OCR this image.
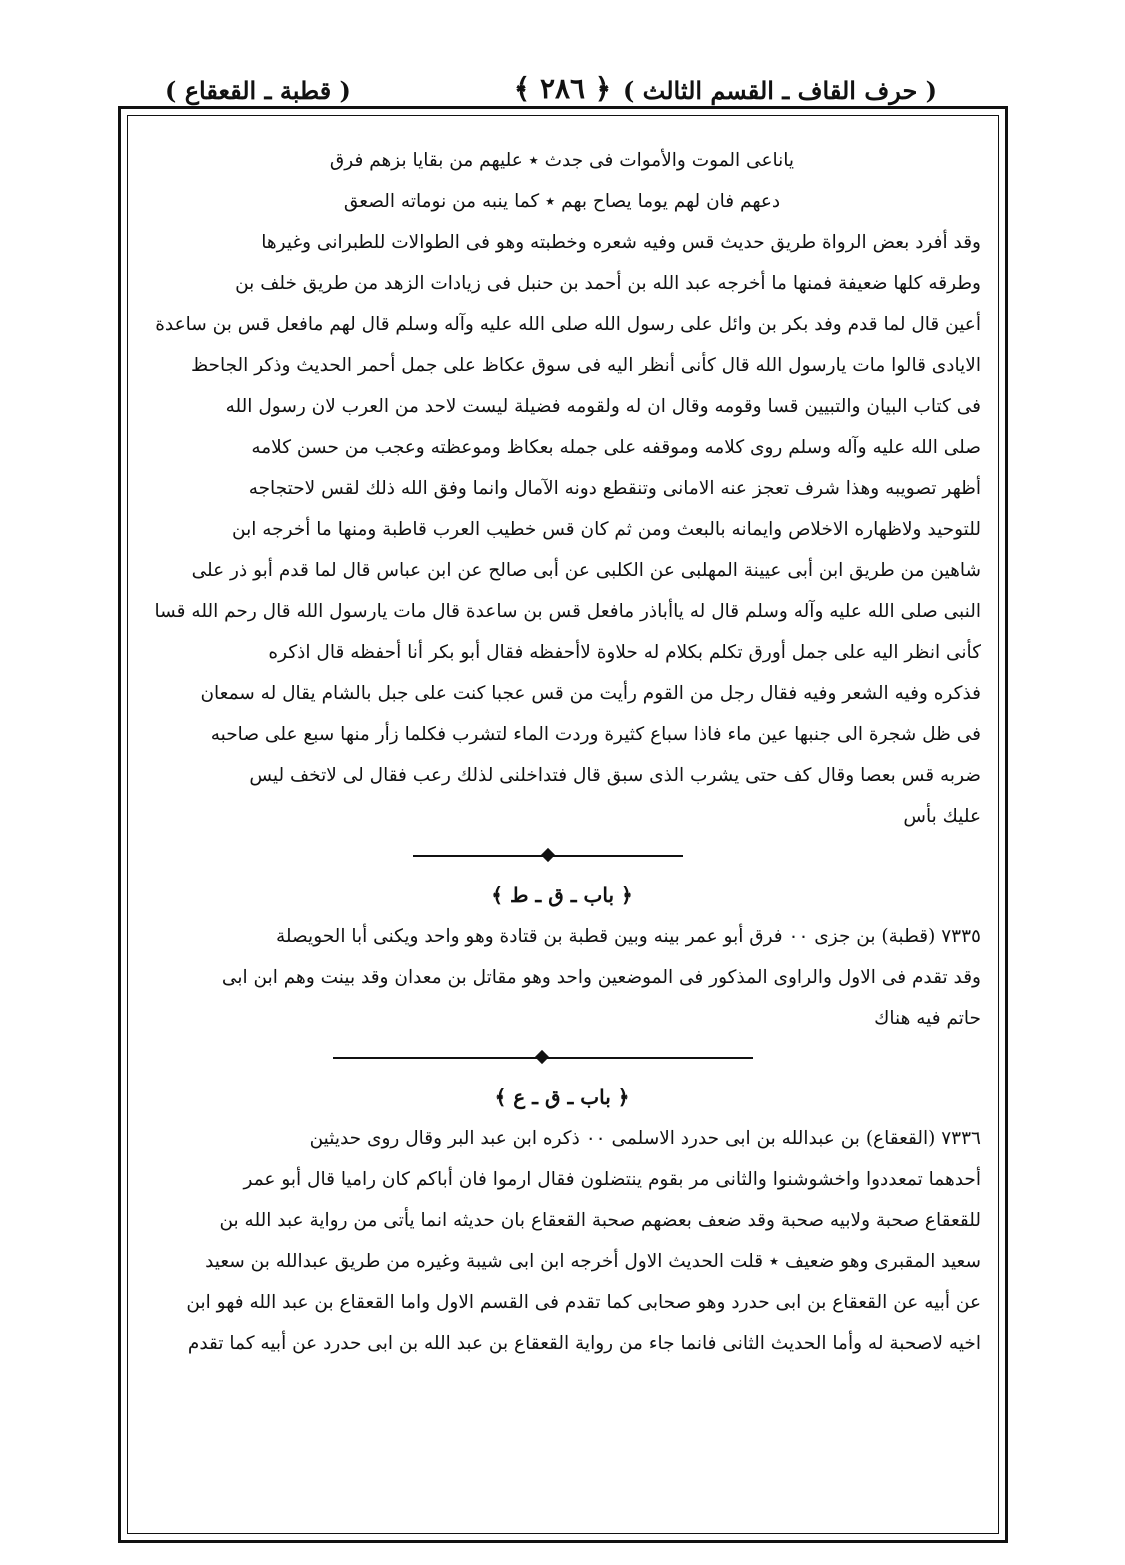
( حرف القاف ـ القسم الثالث )
﴿ ٢٨٦ ﴾
( قطبة ـ القعقاع )
ياناعى الموت والأموات فى جدث ٭ عليهم من بقايا بزهم فرق
دعهم فان لهم يوما يصاح بهم ٭ كما ينبه من نوماته الصعق
وقد أفرد بعض الرواة طريق حديث قس وفيه شعره وخطبته وهو فى الطوالات للطبرانى وغيرها
وطرقه كلها ضعيفة فمنها ما أخرجه عبد الله بن أحمد بن حنبل فى زيادات الزهد من طريق خلف بن
أعين قال لما قدم وفد بكر بن وائل على رسول الله صلى الله عليه وآله وسلم قال لهم مافعل قس بن ساعدة
الايادى قالوا مات يارسول الله قال كأنى أنظر اليه فى سوق عكاظ على جمل أحمر الحديث وذكر الجاحظ
فى كتاب البيان والتبيين قسا وقومه وقال ان له ولقومه فضيلة ليست لاحد من العرب لان رسول الله
صلى الله عليه وآله وسلم روى كلامه وموقفه على جمله بعكاظ وموعظته وعجب من حسن كلامه
أظهر تصويبه وهذا شرف تعجز عنه الامانى وتنقطع دونه الآمال وانما وفق الله ذلك لقس لاحتجاجه
للتوحيد ولاظهاره الاخلاص وايمانه بالبعث ومن ثم كان قس خطيب العرب قاطبة ومنها ما أخرجه ابن
شاهين من طريق ابن أبى عيينة المهلبى عن الكلبى عن أبى صالح عن ابن عباس قال لما قدم أبو ذر على
النبى صلى الله عليه وآله وسلم قال له ياأباذر مافعل قس بن ساعدة قال مات يارسول الله قال رحم الله قسا
كأنى انظر اليه على جمل أورق تكلم بكلام له حلاوة لاأحفظه فقال أبو بكر أنا أحفظه قال اذكره
فذكره وفيه الشعر وفيه فقال رجل من القوم رأيت من قس عجبا كنت على جبل بالشام يقال له سمعان
فى ظل شجرة الى جنبها عين ماء فاذا سباع كثيرة وردت الماء لتشرب فكلما زأر منها سبع على صاحبه
ضربه قس بعصا وقال كف حتى يشرب الذى سبق قال فتداخلنى لذلك رعب فقال لى لاتخف ليس
عليك بأس
﴿ باب ـ ق ـ ط ﴾
٧٣٣٥ (قطبة) بن جزى ٠٠ فرق أبو عمر بينه وبين قطبة بن قتادة وهو واحد ويكنى أبا الحويصلة
وقد تقدم فى الاول والراوى المذكور فى الموضعين واحد وهو مقاتل بن معدان وقد بينت وهم ابن ابى
حاتم فيه هناك
﴿ باب ـ ق ـ ع ﴾
٧٣٣٦ (القعقاع) بن عبدالله بن ابى حدرد الاسلمى ٠٠ ذكره ابن عبد البر وقال روى حديثين
أحدهما تمعددوا واخشوشنوا والثانى مر بقوم ينتضلون فقال ارموا فان أباكم كان راميا قال أبو عمر
للقعقاع صحبة ولابيه صحبة وقد ضعف بعضهم صحبة القعقاع بان حديثه انما يأتى من رواية عبد الله بن
سعيد المقبرى وهو ضعيف ٭ قلت الحديث الاول أخرجه ابن ابى شيبة وغيره من طريق عبدالله بن سعيد
عن أبيه عن القعقاع بن ابى حدرد وهو صحابى كما تقدم فى القسم الاول واما القعقاع بن عبد الله فهو ابن
اخيه لاصحبة له وأما الحديث الثانى فانما جاء من رواية القعقاع بن عبد الله بن ابى حدرد عن أبيه كما تقدم
